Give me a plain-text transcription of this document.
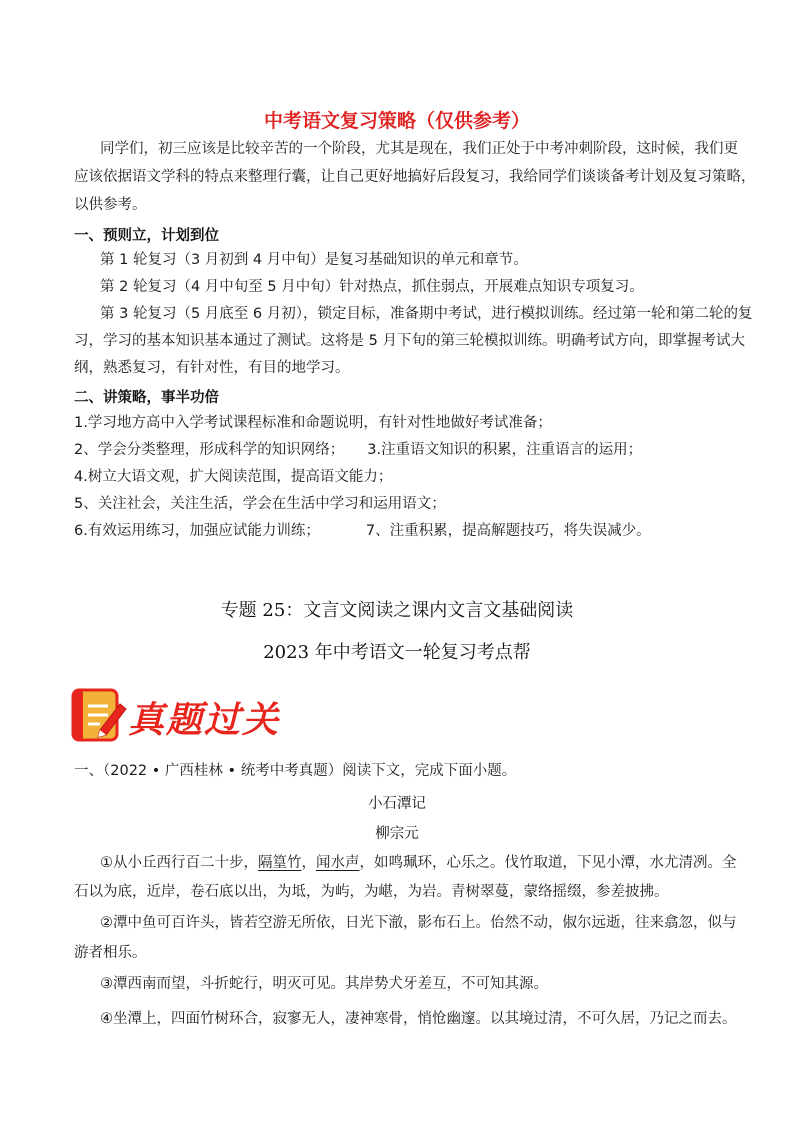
中考语文复习策略（仅供参考）
同学们，初三应该是比较辛苦的一个阶段，尤其是现在，我们正处于中考冲刺阶段，这时候，我们更
应该依据语文学科的特点来整理行囊，让自己更好地搞好后段复习，我给同学们谈谈备考计划及复习策略，
以供参考。
一、预则立，计划到位
第 1 轮复习（3 月初到 4 月中旬）是复习基础知识的单元和章节。
第 2 轮复习（4 月中旬至 5 月中旬）针对热点，抓住弱点，开展难点知识专项复习。
第 3 轮复习（5 月底至 6 月初），锁定目标，准备期中考试，进行模拟训练。经过第一轮和第二轮的复
习，学习的基本知识基本通过了测试。这将是 5 月下旬的第三轮模拟训练。明确考试方向，即掌握考试大
纲，熟悉复习，有针对性，有目的地学习。
二、讲策略，事半功倍
1.学习地方高中入学考试课程标准和命题说明，有针对性地做好考试准备；
2、学会分类整理，形成科学的知识网络；     3.注重语文知识的积累，注重语言的运用；
4.树立大语文观，扩大阅读范围，提高语文能力；
5、关注社会，关注生活，学会在生活中学习和运用语文；
6.有效运用练习，加强应试能力训练；          7、注重积累，提高解题技巧，将失误减少。
专题 25：文言文阅读之课内文言文基础阅读
2023 年中考语文一轮复习考点帮
真题过关
一、（2022 • 广西桂林 • 统考中考真题）阅读下文，完成下面小题。
小石潭记
柳宗元
①从小丘西行百二十步，隔篁竹，闻水声，如鸣珮环，心乐之。伐竹取道，下见小潭，水尤清冽。全
石以为底，近岸，卷石底以出，为坻，为屿，为嵁，为岩。青树翠蔓，蒙络摇缀，参差披拂。
②潭中鱼可百许头，皆若空游无所依，日光下澈，影布石上。佁然不动，俶尔远逝，往来翕忽，似与
游者相乐。
③潭西南而望，斗折蛇行，明灭可见。其岸势犬牙差互，不可知其源。
④坐潭上，四面竹树环合，寂寥无人，凄神寒骨，悄怆幽邃。以其境过清，不可久居，乃记之而去。
